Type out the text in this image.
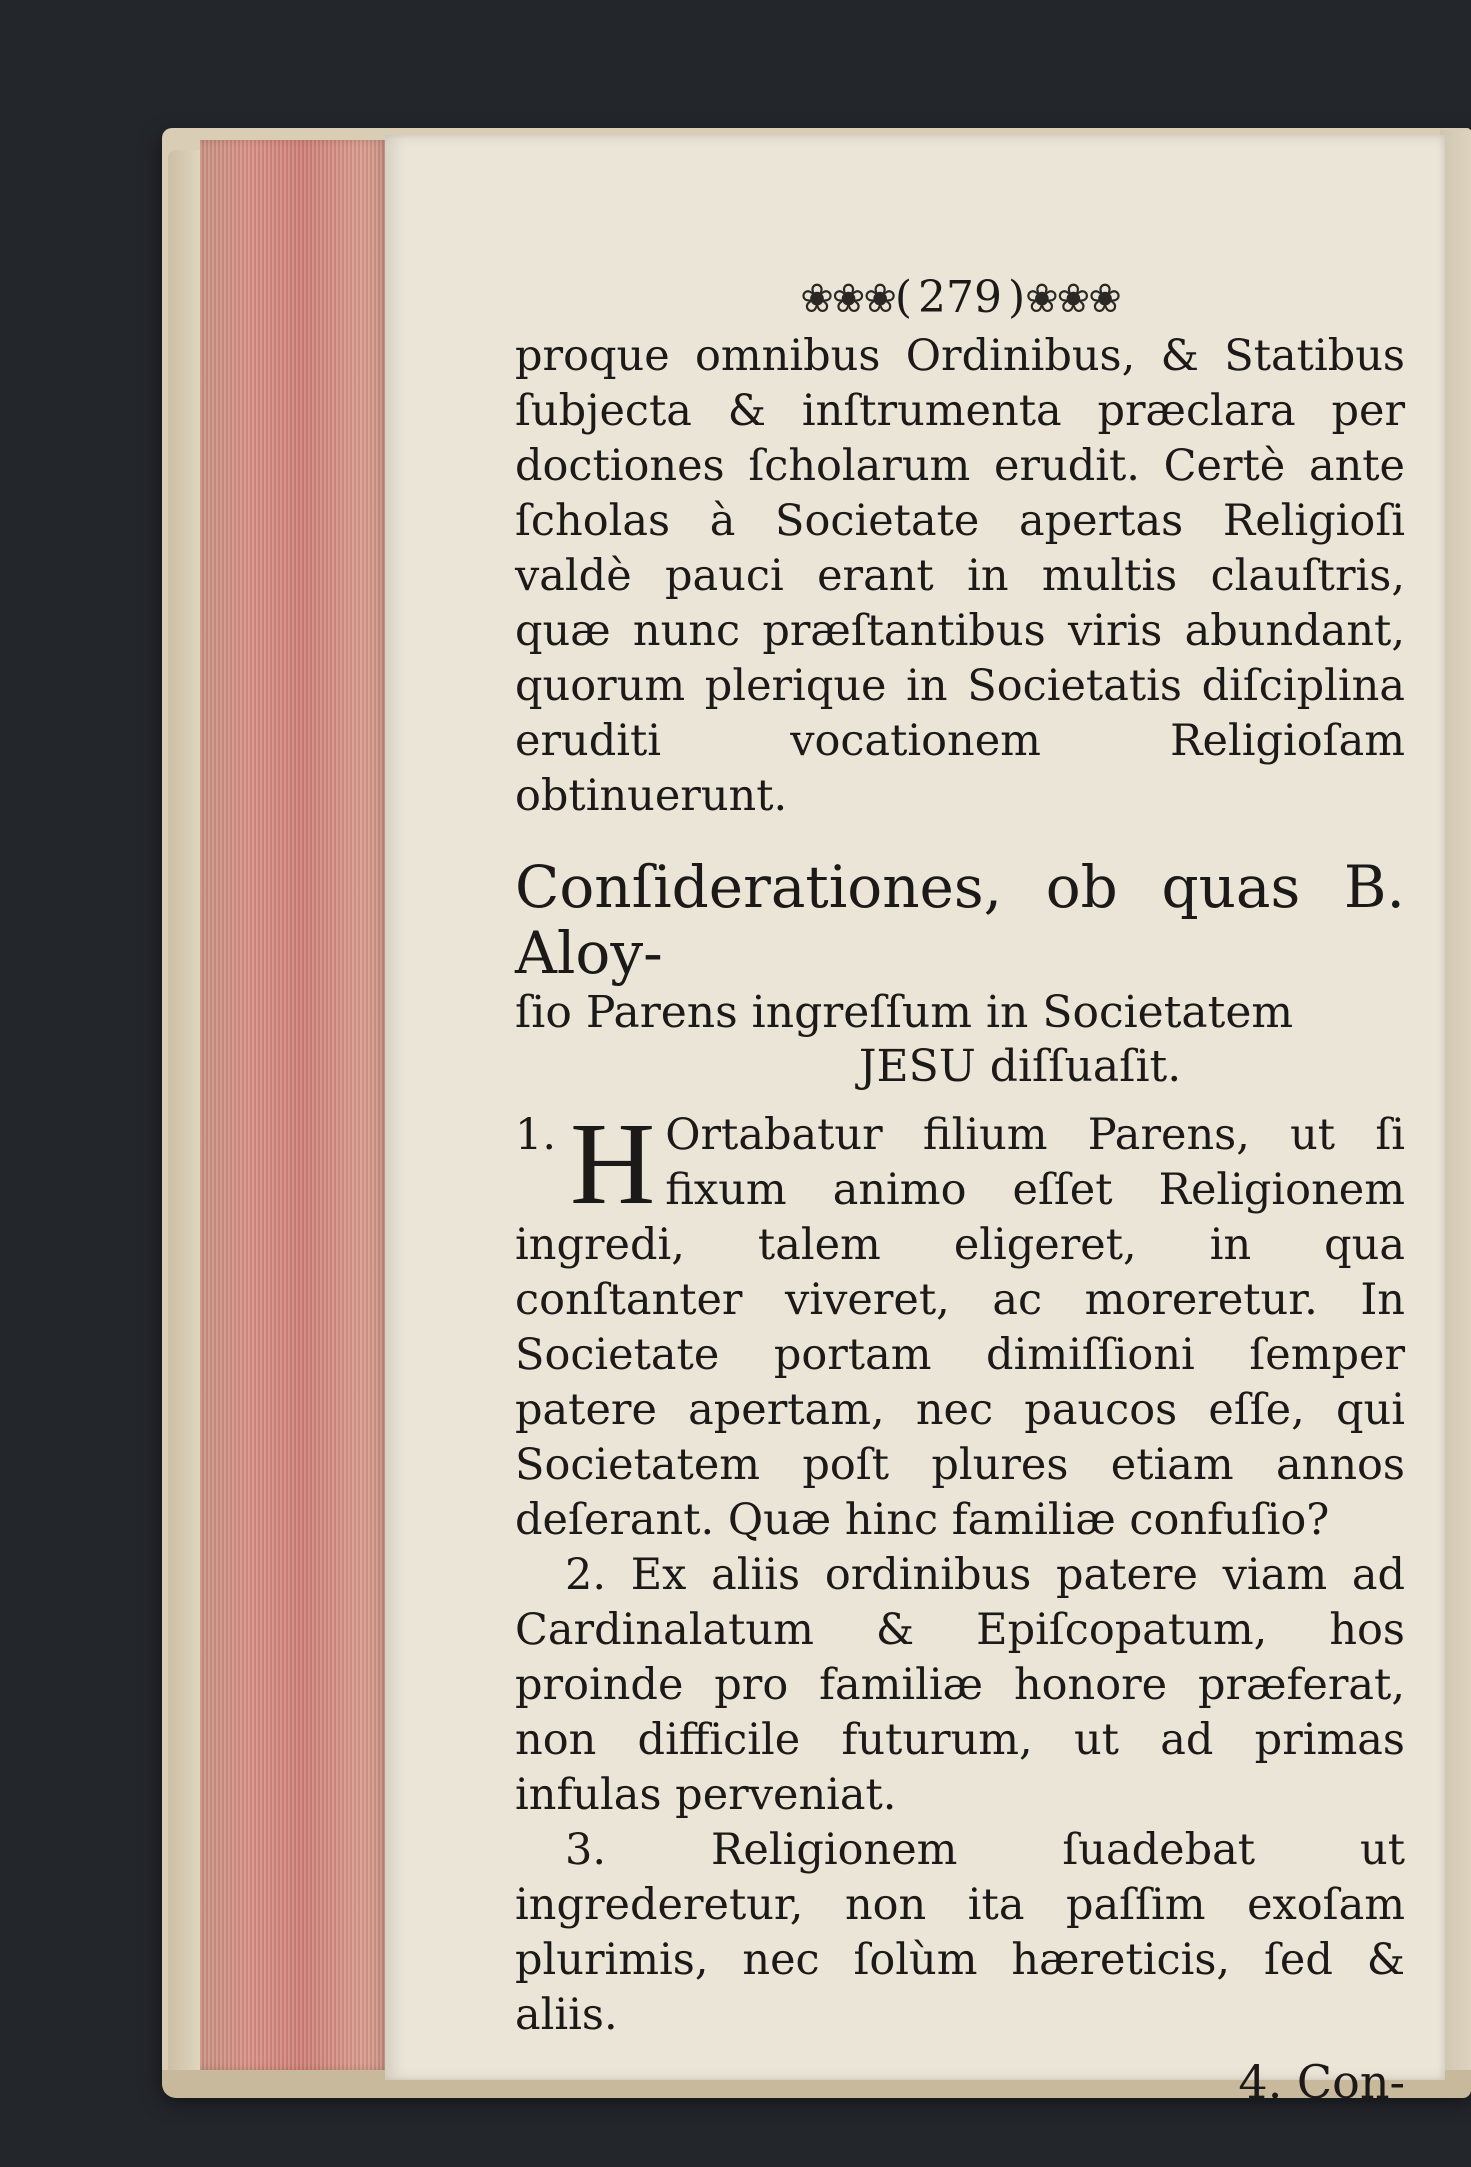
❀❀❀( 279 )❀❀❀

proque omnibus Ordinibus, & Statibus ſubjecta & inſtrumenta præclara per doctiones ſcholarum erudit. Certè ante ſcholas à Societate apertas Religioſi valdè pauci erant in multis clauſtris, quæ nunc præſtantibus viris abundant, quorum plerique in Societatis diſciplina eruditi vocationem Religioſam obtinuerunt.

Conſiderationes, ob quas B. Aloy-
ſio Parens ingreſſum in Societatem
JESU diſſuaſit.
1. H Ortabatur filium Parens, ut ſi fixum animo eſſet Religionem ingredi, talem eligeret, in qua conſtanter viveret, ac moreretur. In Societate portam dimiſſioni ſemper patere apertam, nec paucos eſſe, qui Societatem poſt plures etiam annos deſerant. Quæ hinc familiæ confuſio?

2. Ex aliis ordinibus patere viam ad Cardinalatum & Epiſcopatum, hos proinde pro familiæ honore præferat, non difficile futurum, ut ad primas infulas perveniat.

3. Religionem ſuadebat ut ingrederetur, non ita paſſim exoſam plurimis, nec ſolùm hæreticis, ſed & aliis.

4. Con-
